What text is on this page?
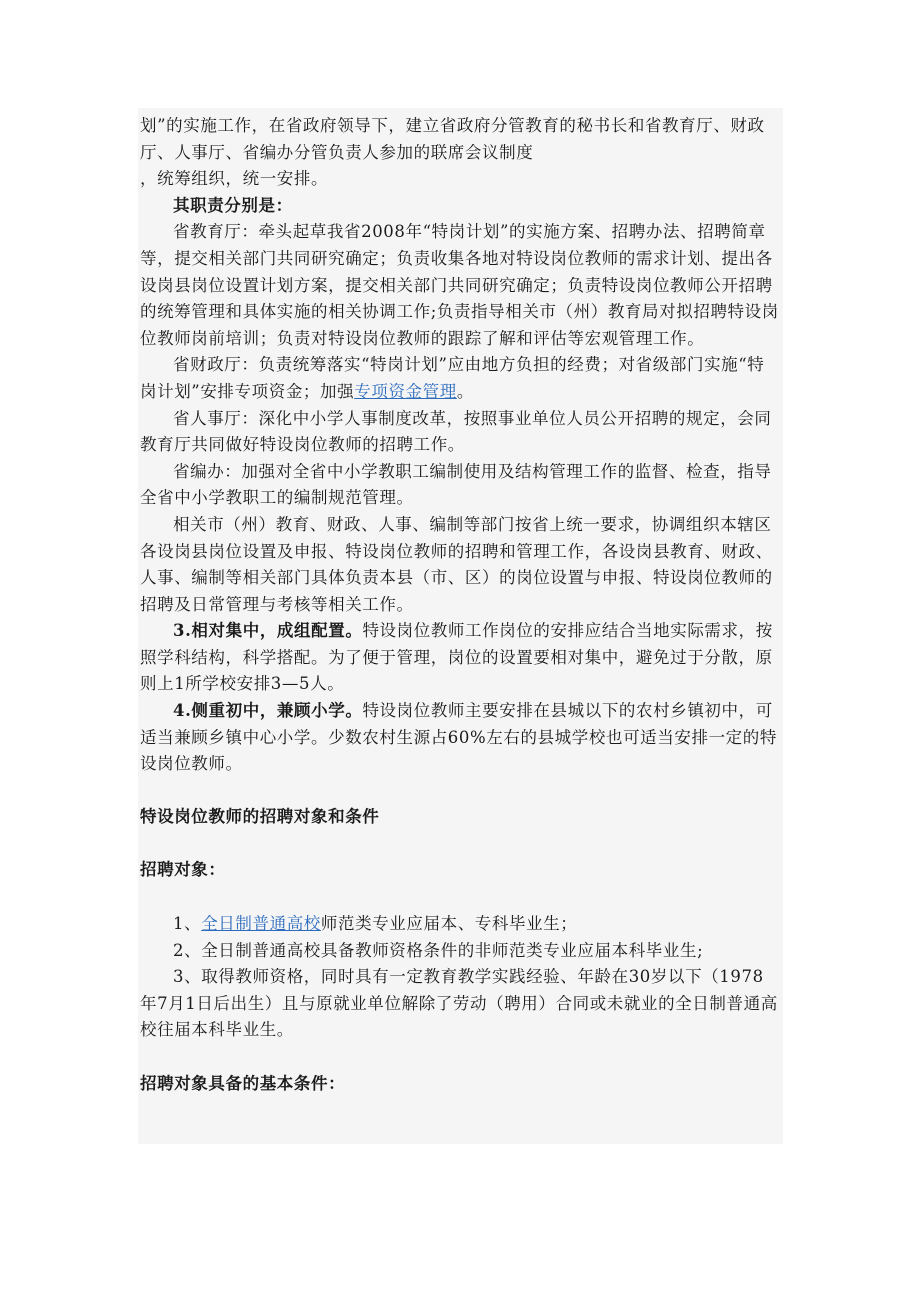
划”的实施工作，在省政府领导下，建立省政府分管教育的秘书长和省教育厅、财政厅、人事厅、省编办分管负责人参加的联席会议制度
，统筹组织，统一安排。

其职责分别是：

省教育厅：牵头起草我省2008年“特岗计划”的实施方案、招聘办法、招聘简章等，提交相关部门共同研究确定；负责收集各地对特设岗位教师的需求计划、提出各设岗县岗位设置计划方案，提交相关部门共同研究确定；负责特设岗位教师公开招聘的统筹管理和具体实施的相关协调工作;负责指导相关市（州）教育局对拟招聘特设岗位教师岗前培训；负责对特设岗位教师的跟踪了解和评估等宏观管理工作。

省财政厅：负责统筹落实“特岗计划”应由地方负担的经费；对省级部门实施“特岗计划”安排专项资金；加强专项资金管理。

省人事厅：深化中小学人事制度改革，按照事业单位人员公开招聘的规定，会同教育厅共同做好特设岗位教师的招聘工作。

省编办：加强对全省中小学教职工编制使用及结构管理工作的监督、检查，指导全省中小学教职工的编制规范管理。

相关市（州）教育、财政、人事、编制等部门按省上统一要求，协调组织本辖区各设岗县岗位设置及申报、特设岗位教师的招聘和管理工作，各设岗县教育、财政、人事、编制等相关部门具体负责本县（市、区）的岗位设置与申报、特设岗位教师的招聘及日常管理与考核等相关工作。

3.相对集中，成组配置。特设岗位教师工作岗位的安排应结合当地实际需求，按照学科结构，科学搭配。为了便于管理，岗位的设置要相对集中，避免过于分散，原则上1所学校安排3—5人。

4.侧重初中，兼顾小学。特设岗位教师主要安排在县城以下的农村乡镇初中，可适当兼顾乡镇中心小学。少数农村生源占60%左右的县城学校也可适当安排一定的特设岗位教师。

特设岗位教师的招聘对象和条件

招聘对象：

1、全日制普通高校师范类专业应届本、专科毕业生；

2、全日制普通高校具备教师资格条件的非师范类专业应届本科毕业生;

3、取得教师资格，同时具有一定教育教学实践经验、年龄在30岁以下（1978年7月1日后出生）且与原就业单位解除了劳动（聘用）合同或未就业的全日制普通高校往届本科毕业生。

招聘对象具备的基本条件：
